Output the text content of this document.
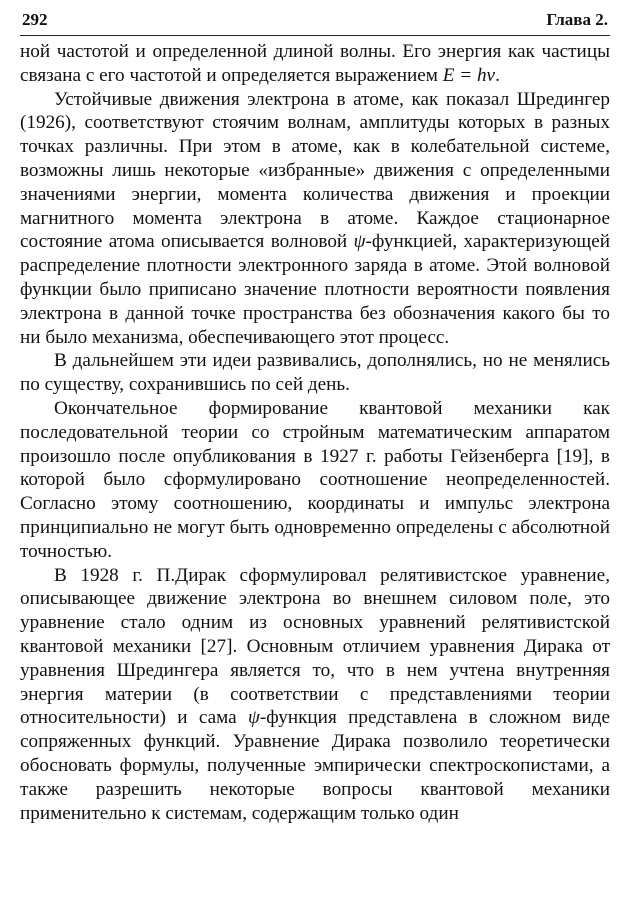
292	Глава 2.

ной частотой и определенной длиной волны. Его энергия как частицы связана с его частотой и определяется выражением E = hv.

Устойчивые движения электрона в атоме, как показал Шредингер (1926), соответствуют стоячим волнам, амплитуды которых в разных точках различны. При этом в атоме, как в колебательной системе, возможны лишь некоторые «избранные» движения с определенными значениями энергии, момента количества движения и проекции магнитного момента электрона в атоме. Каждое стационарное состояние атома описывается волновой ψ-функцией, характеризующей распределение плотности электронного заряда в атоме. Этой волновой функции было приписано значение плотности вероятности появления электрона в данной точке пространства без обозначения какого бы то ни было механизма, обеспечивающего этот процесс.

В дальнейшем эти идеи развивались, дополнялись, но не менялись по существу, сохранившись по сей день.

Окончательное формирование квантовой механики как последовательной теории со стройным математическим аппаратом произошло после опубликования в 1927 г. работы Гейзенберга [19], в которой было сформулировано соотношение неопределенностей. Согласно этому соотношению, координаты и импульс электрона принципиально не могут быть одновременно определены с абсолютной точностью.

В 1928 г. П.Дирак сформулировал релятивистское уравнение, описывающее движение электрона во внешнем силовом поле, это уравнение стало одним из основных уравнений релятивистской квантовой механики [27]. Основным отличием уравнения Дирака от уравнения Шредингера является то, что в нем учтена внутренняя энергия материи (в соответствии с представлениями теории относительности) и сама ψ-функция представлена в сложном виде сопряженных функций. Уравнение Дирака позволило теоретически обосновать формулы, полученные эмпирически спектроскопистами, а также разрешить некоторые вопросы квантовой механики применительно к системам, содержащим только один
